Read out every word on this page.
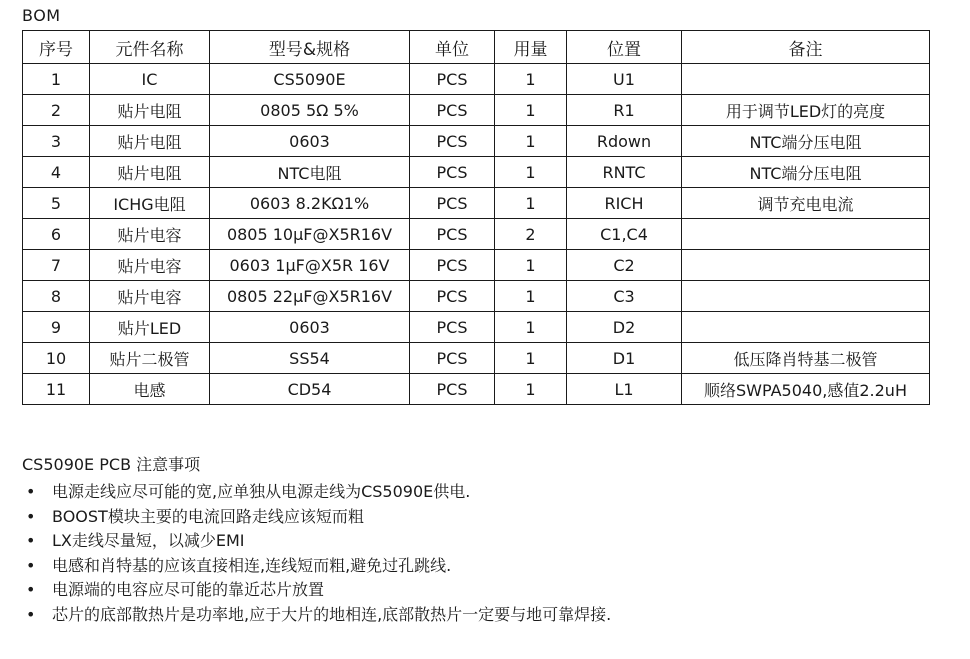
BOM
序号	元件名称	型号&规格	单位	用量	位置	备注
1	IC	CS5090E	PCS	1	U1	
2	贴片电阻	0805 5Ω 5%	PCS	1	R1	用于调节LED灯的亮度
3	贴片电阻	0603	PCS	1	Rdown	NTC端分压电阻
4	贴片电阻	NTC电阻	PCS	1	RNTC	NTC端分压电阻
5	ICHG电阻	0603 8.2KΩ1%	PCS	1	RICH	调节充电电流
6	贴片电容	0805 10μF@X5R16V	PCS	2	C1,C4	
7	贴片电容	0603 1μF@X5R 16V	PCS	1	C2	
8	贴片电容	0805 22μF@X5R16V	PCS	1	C3	
9	贴片LED	0603	PCS	1	D2	
10	贴片二极管	SS54	PCS	1	D1	低压降肖特基二极管
11	电感	CD54	PCS	1	L1	顺络SWPA5040,感值2.2uH
CS5090E PCB 注意事项
• 电源走线应尽可能的宽,应单独从电源走线为CS5090E供电.
• BOOST模块主要的电流回路走线应该短而粗
• LX走线尽量短，以减少EMI
• 电感和肖特基的应该直接相连,连线短而粗,避免过孔跳线.
• 电源端的电容应尽可能的靠近芯片放置
• 芯片的底部散热片是功率地,应于大片的地相连,底部散热片一定要与地可靠焊接.
